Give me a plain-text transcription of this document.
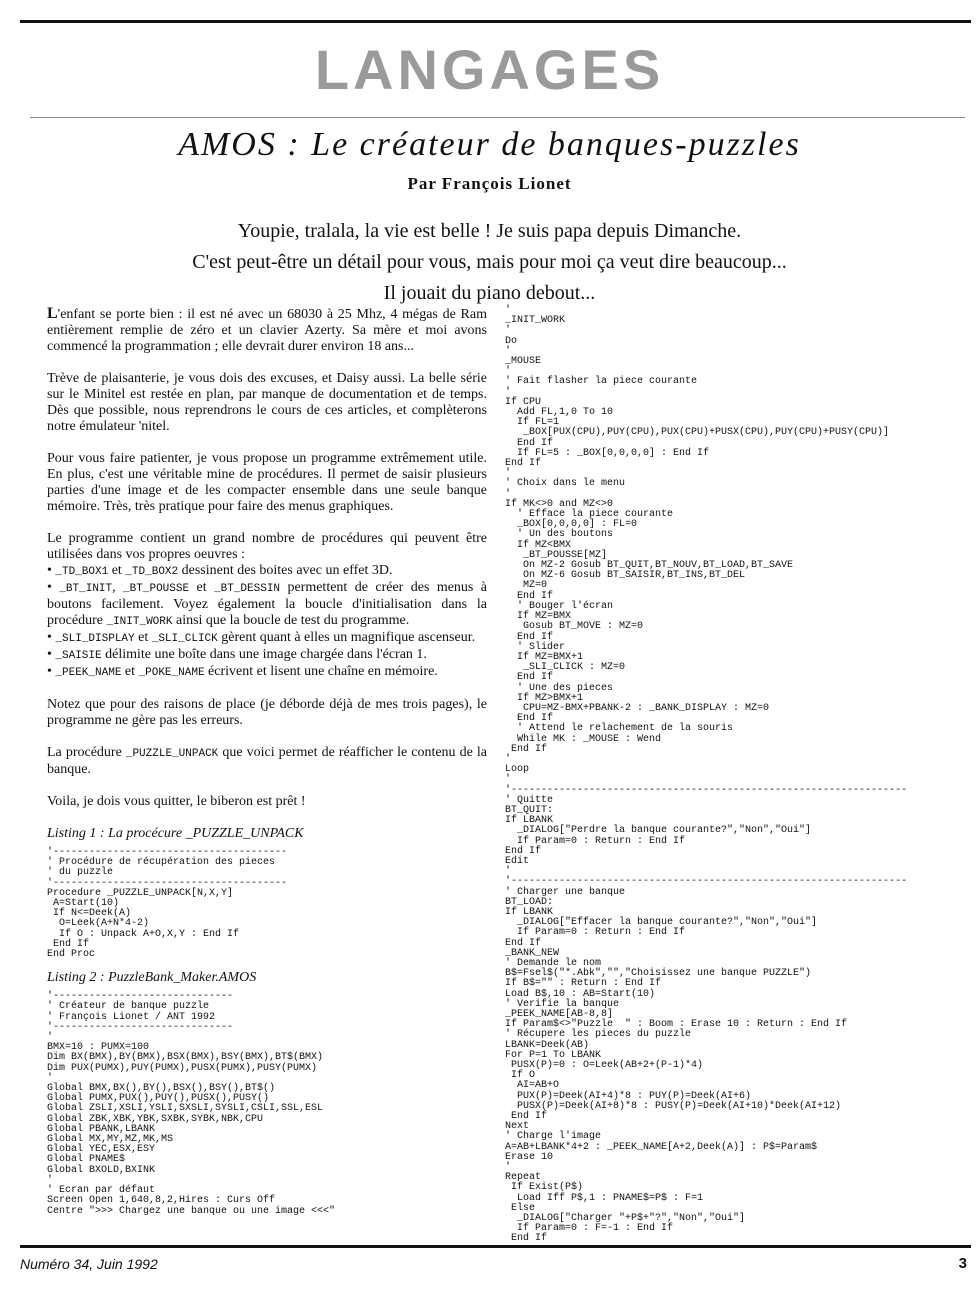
LANGAGES
AMOS : Le créateur de banques-puzzles
Par François Lionet
Youpie, tralala, la vie est belle ! Je suis papa depuis Dimanche.
C'est peut-être un détail pour vous, mais pour moi ça veut dire beaucoup...
Il jouait du piano debout...

L'enfant se porte bien : il est né avec un 68030 à 25 Mhz, 4 mégas de Ram entièrement remplie de zéro et un clavier Azerty. Sa mère et moi avons commencé la programmation ; elle devrait durer environ 18 ans...

Trève de plaisanterie, je vous dois des excuses, et Daisy aussi. La belle série sur le Minitel est restée en plan, par manque de documentation et de temps. Dès que possible, nous reprendrons le cours de ces articles, et complèterons notre émulateur 'nitel.

Pour vous faire patienter, je vous propose un programme extrêmement utile. En plus, c'est une véritable mine de procédures. Il permet de saisir plusieurs parties d'une image et de les compacter ensemble dans une seule banque mémoire. Très, très pratique pour faire des menus graphiques.

Le programme contient un grand nombre de procédures qui peuvent être utilisées dans vos propres oeuvres :

• _TD_BOX1 et _TD_BOX2 dessinent des boites avec un effet 3D.
• _BT_INIT, _BT_POUSSE et _BT_DESSIN permettent de créer des menus à boutons facilement. Voyez également la boucle d'initialisation dans la procédure _INIT_WORK ainsi que la boucle de test du programme.
• _SLI_DISPLAY et _SLI_CLICK gèrent quant à elles un magnifique ascenseur.
• _SAISIE délimite une boîte dans une image chargée dans l'écran 1.
• _PEEK_NAME et _POKE_NAME écrivent et lisent une chaîne en mémoire.

Notez que pour des raisons de place (je déborde déjà de mes trois pages), le programme ne gère pas les erreurs.

La procédure _PUZZLE_UNPACK que voici permet de réafficher le contenu de la banque.

Voila, je dois vous quitter, le biberon est prêt !

Listing 1 : La procécure _PUZZLE_UNPACK

'---------------------------------------
' Procédure de récupération des pieces
' du puzzle
'---------------------------------------
Procedure _PUZZLE_UNPACK[N,X,Y]
A=Start(10)
If N<=Deek(A)
O=Leek(A+N*4-2)
If O : Unpack A+O,X,Y : End If
End If
End Proc

Listing 2 : PuzzleBank_Maker.AMOS

'------------------------------
' Créateur de banque puzzle
' François Lionet / ANT 1992
'------------------------------
'
BMX=10 : PUMX=100
Dim BX(BMX),BY(BMX),BSX(BMX),BSY(BMX),BT$(BMX)
Dim PUX(PUMX),PUY(PUMX),PUSX(PUMX),PUSY(PUMX)
'
Global BMX,BX(),BY(),BSX(),BSY(),BT$()
Global PUMX,PUX(),PUY(),PUSX(),PUSY()
Global ZSLI,XSLI,YSLI,SXSLI,SYSLI,CSLI,SSL,ESL
Global ZBK,XBK,YBK,SXBK,SYBK,NBK,CPU
Global PBANK,LBANK
Global MX,MY,MZ,MK,MS
Global YEC,ESX,ESY
Global PNAME$
Global BXOLD,BXINK
'
' Ecran par défaut
Screen Open 1,640,8,2,Hires : Curs Off
Centre ">>> Chargez une banque ou une image <<<"
'
_INIT_WORK
'
Do
'
_MOUSE
'
' Fait flasher la piece courante
'
If CPU
Add FL,1,0 To 10
If FL=1
_BOX[PUX(CPU),PUY(CPU),PUX(CPU)+PUSX(CPU),PUY(CPU)+PUSY(CPU)]
End If
If FL=5 : _BOX[0,0,0,0] : End If
End If
'
' Choix dans le menu
'
If MK<>0 and MZ<>0
' Efface la piece courante
_BOX[0,0,0,0] : FL=0
' Un des boutons
If MZ<BMX
_BT_POUSSE[MZ]
On MZ-2 Gosub BT_QUIT,BT_NOUV,BT_LOAD,BT_SAVE
On MZ-6 Gosub BT_SAISIR,BT_INS,BT_DEL
MZ=0
End If
' Bouger l'écran
If MZ=BMX
Gosub BT_MOVE : MZ=0
End If
' Slider
If MZ=BMX+1
_SLI_CLICK : MZ=0
End If
' Une des pieces
If MZ>BMX+1
CPU=MZ-BMX+PBANK-2 : _BANK_DISPLAY : MZ=0
End If
' Attend le relachement de la souris
While MK : _MOUSE : Wend
End If
'
Loop
'
'------------------------------------------------------------------
' Quitte
BT_QUIT:
If LBANK
_DIALOG["Perdre la banque courante?","Non","Oui"]
If Param=0 : Return : End If
End If
Edit
'
'------------------------------------------------------------------
' Charger une banque
BT_LOAD:
If LBANK
_DIALOG["Effacer la banque courante?","Non","Oui"]
If Param=0 : Return : End If
End If
_BANK_NEW
' Demande le nom
B$=Fsel$("*.Abk","","Choisissez une banque PUZZLE")
If B$="" : Return : End If
Load B$,10 : AB=Start(10)
' Verifie la banque
_PEEK_NAME[AB-8,8]
If Param$<>"Puzzle  " : Boom : Erase 10 : Return : End If
' Récupere les pieces du puzzle
LBANK=Deek(AB)
For P=1 To LBANK
PUSX(P)=0 : O=Leek(AB+2+(P-1)*4)
If O
AI=AB+O
PUX(P)=Deek(AI+4)*8 : PUY(P)=Deek(AI+6)
PUSX(P)=Deek(AI+8)*8 : PUSY(P)=Deek(AI+10)*Deek(AI+12)
End If
Next
' Charge l'image
A=AB+LBANK*4+2 : _PEEK_NAME[A+2,Deek(A)] : P$=Param$
Erase 10
'
Repeat
If Exist(P$)
Load Iff P$,1 : PNAME$=P$ : F=1
Else
_DIALOG["Charger "+P$+"?","Non","Oui"]
If Param=0 : F=-1 : End If
End If
Numéro 34, Juin 1992	3
